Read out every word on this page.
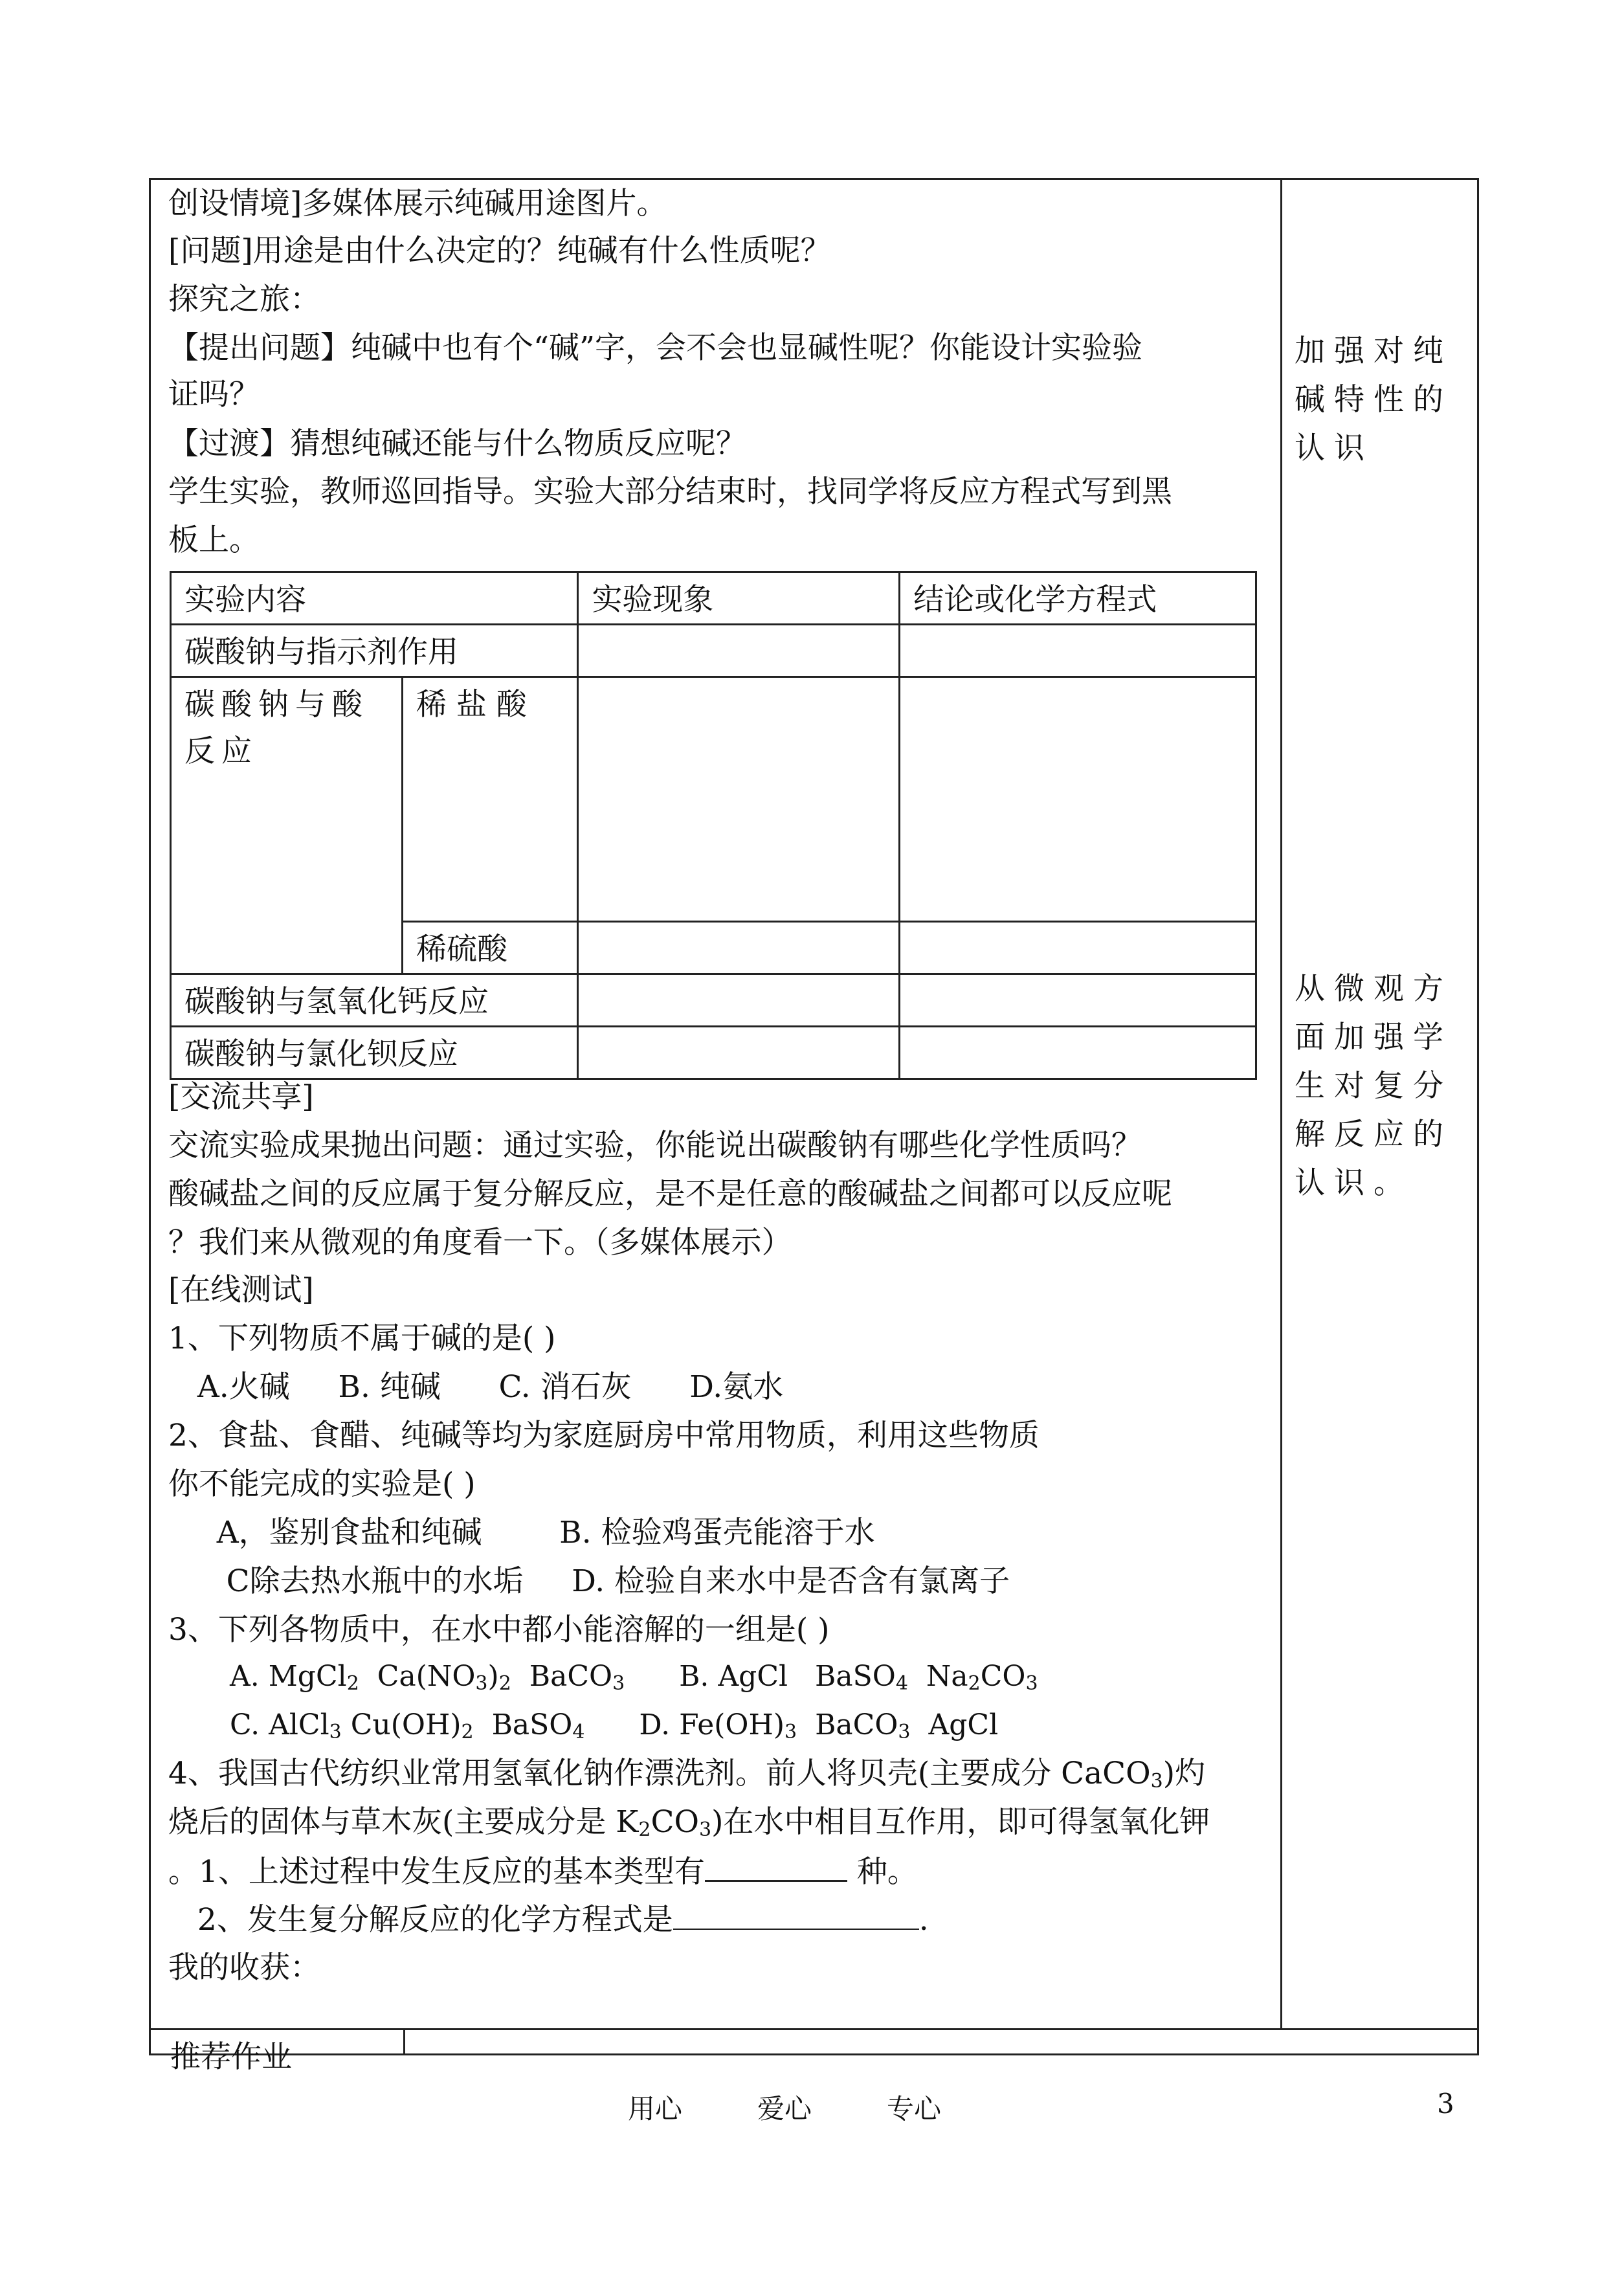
推荐作业
创设情境]多媒体展示纯碱用途图片。
[问题]用途是由什么决定的？纯碱有什么性质呢？
探究之旅：
【提出问题】纯碱中也有个“碱”字，会不会也显碱性呢？你能设计实验验
证吗？
【过渡】猜想纯碱还能与什么物质反应呢？
学生实验，教师巡回指导。实验大部分结束时，找同学将反应方程式写到黑
板上。
实验内容		实验现象	结论或化学方程式
碳酸钠与指示剂作用			

碳酸钠与酸反应	稀 盐 酸		
	稀硫酸		
碳酸钠与氢氧化钙反应			
碳酸钠与氯化钡反应			
[交流共享]
交流实验成果抛出问题：通过实验，你能说出碳酸钠有哪些化学性质吗？
酸碱盐之间的反应属于复分解反应，是不是任意的酸碱盐之间都可以反应呢
？我们来从微观的角度看一下。（多媒体展示）
[在线测试]
1、下列物质不属于碱的是( )
A.火碱     B. 纯碱      C. 消石灰      D.氨水
2、食盐、食醋、纯碱等均为家庭厨房中常用物质，利用这些物质
你不能完成的实验是( )
A，鉴别食盐和纯碱        B. 检验鸡蛋壳能溶于水
C除去热水瓶中的水垢     D. 检验自来水中是否含有氯离子
3、下列各物质中，在水中都小能溶解的一组是( )
A. MgCl$_2$  $Ca(NO_3)_2$  BaCO$_3$      B. AgCl   BaSO$_4$  $Na_2CO_3$
C. AlCl$_3$ $Cu(OH)_2$  BaSO$_4$      D. $Fe(OH)_3$  BaCO$_3$  AgCl
4、我国古代纺织业常用氢氧化钠作漂洗剂。前人将贝壳(主要成分 CaCO$_3$)灼
烧后的固体与草木灰(主要成分是 $K_2CO_3$)在水中相目互作用，即可得氢氧化钾
。1、上述过程中发生反应的基本类型有	种。
2、发生复分解反应的化学方程式是	.
我的收获：
加强对纯
碱特性的
认识
从微观方
面加强学
生对复分
解反应的
认识。
用心	爱心	专心	3
